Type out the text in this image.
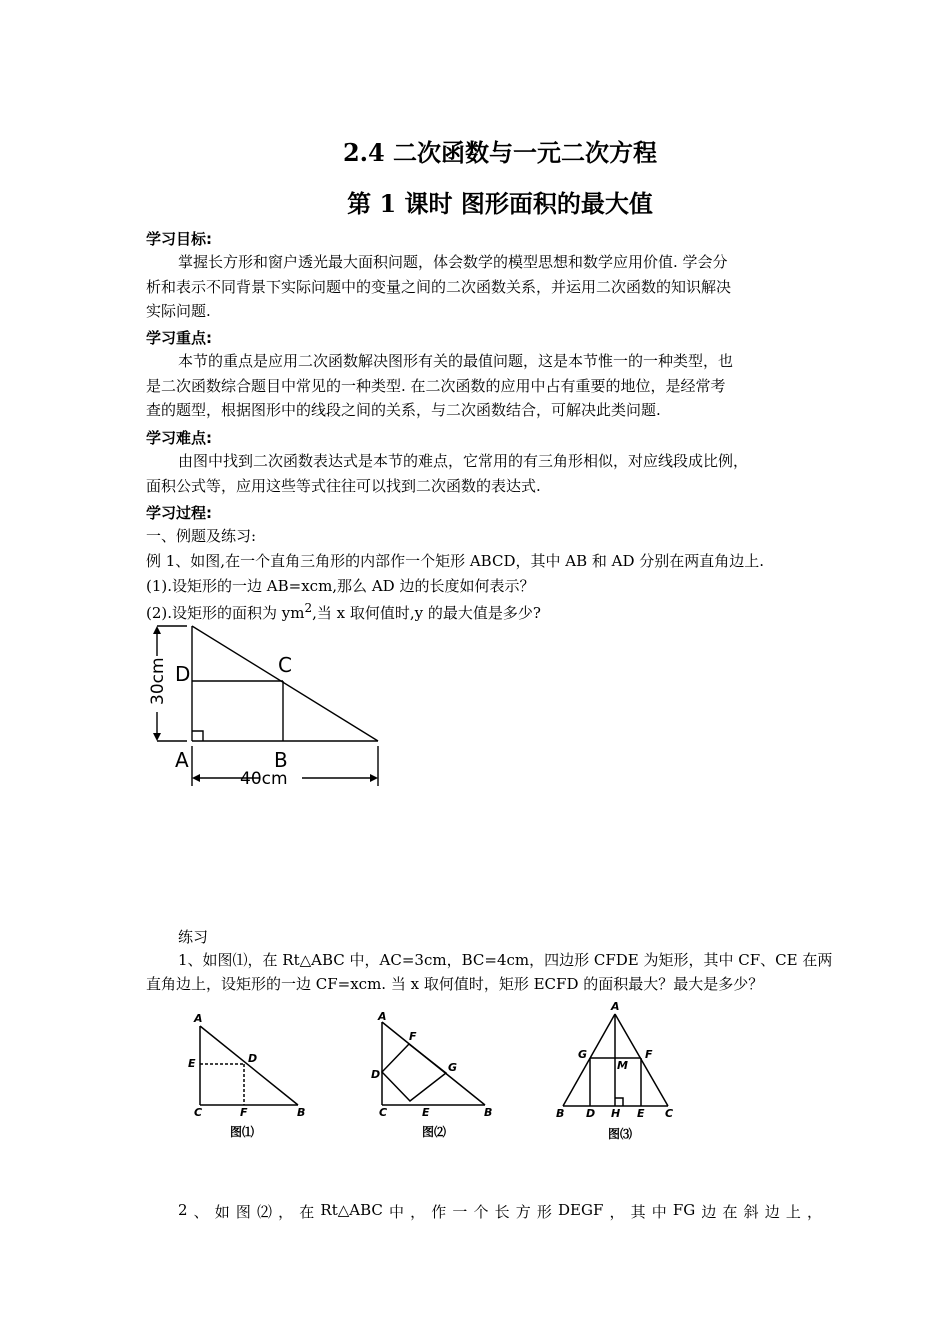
2.4 二次函数与一元二次方程
第 1 课时 图形面积的最大值
学习目标:
掌握长方形和窗户透光最大面积问题，体会数学的模型思想和数学应用价值. 学会分
析和表示不同背景下实际问题中的变量之间的二次函数关系，并运用二次函数的知识解决
实际问题.
学习重点:
本节的重点是应用二次函数解决图形有关的最值问题，这是本节惟一的一种类型，也
是二次函数综合题目中常见的一种类型. 在二次函数的应用中占有重要的地位，是经常考
查的题型，根据图形中的线段之间的关系，与二次函数结合，可解决此类问题.
学习难点:
由图中找到二次函数表达式是本节的难点，它常用的有三角形相似，对应线段成比例，
面积公式等，应用这些等式往往可以找到二次函数的表达式.
学习过程:
一、例题及练习:
例 1、如图,在一个直角三角形的内部作一个矩形 ABCD，其中 AB 和 AD 分别在两直角边上.
(1).设矩形的一边 AB=xcm,那么 AD 边的长度如何表示？
(2).设矩形的面积为 $ym^2$,当 x 取何值时,y 的最大值是多少?
D	C
A	B
40cm
30cm
练习
1、如图⑴，在 Rt△ABC 中，AC=3cm，BC=4cm，四边形 CFDE 为矩形，其中 CF、CE 在两
直角边上，设矩形的一边 CF=xcm. 当 x 取何值时，矩形 ECFD 的面积最大？最大是多少？
A
E	D
C	F	B
A
F
G
D
C	E	B
A
G
M
F
B D H E C
图⑴	图⑵	图⑶
2 、 如 图 ⑵ ， 在 Rt△ABC 中 ， 作 一 个 长 方 形 DEGF ， 其 中 FG 边 在 斜 边 上 ，
